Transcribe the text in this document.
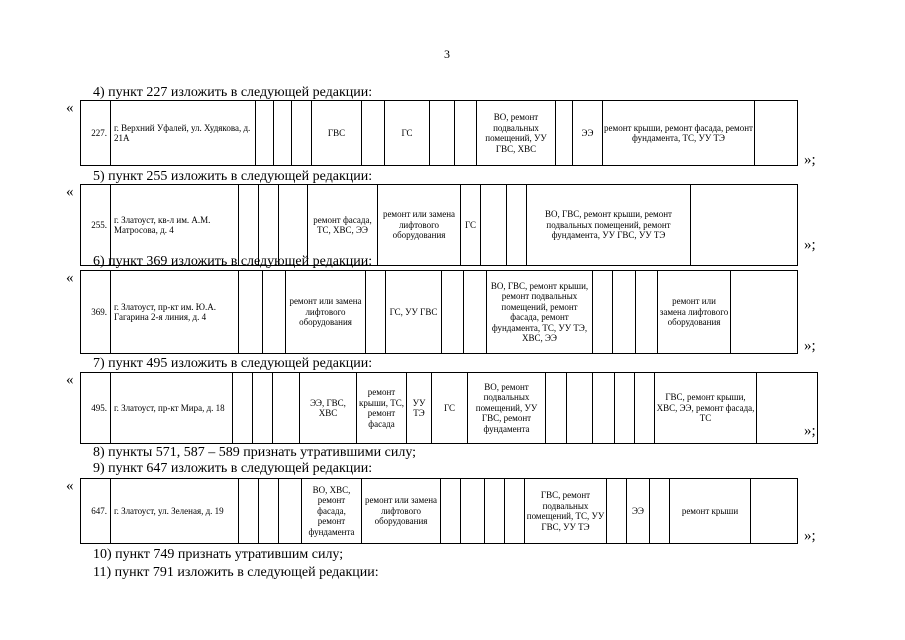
3
4) пункт 227 изложить в следующей редакции:
«
227.	г. Верхний Уфалей, ул. Худякова, д. 21А				ГВС		ГС			ВО, ремонт подвальных помещений, УУ ГВС, ХВС		ЭЭ	ремонт крыши, ремонт фасада, ремонт фундамента, ТС, УУ ТЭ	
»;
5) пункт 255 изложить в следующей редакции:
«
255.	г. Златоуст, кв-л им. А.М. Матросова, д. 4				ремонт фасада, ТС, ХВС, ЭЭ	ремонт или замена лифтового оборудования	ГС			ВО, ГВС, ремонт крыши, ремонт подвальных помещений, ремонт фундамента, УУ ГВС, УУ ТЭ	
»;
6) пункт 369 изложить в следующей редакции:
«
369.	г. Златоуст, пр-кт им. Ю.А. Гагарина 2-я линия, д. 4			ремонт или замена лифтового оборудования		ГС, УУ ГВС			ВО, ГВС, ремонт крыши, ремонт подвальных помещений, ремонт фасада, ремонт фундамента, ТС, УУ ТЭ, ХВС, ЭЭ				ремонт или замена лифтового оборудования	
»;
7) пункт 495 изложить в следующей редакции:
«
495.	г. Златоуст, пр-кт Мира, д. 18				ЭЭ, ГВС, ХВС	ремонт крыши, ТС, ремонт фасада	УУ ТЭ	ГС	ВО, ремонт подвальных помещений, УУ ГВС, ремонт фундамента						ГВС, ремонт крыши, ХВС, ЭЭ, ремонт фасада, ТС	
»;
8) пункты 571, 587 – 589 признать утратившими силу;
9) пункт 647 изложить в следующей редакции:
«
647.	г. Златоуст, ул. Зеленая, д. 19				ВО, ХВС, ремонт фасада, ремонт фундамента	ремонт или замена лифтового оборудования					ГВС, ремонт подвальных помещений, ТС, УУ ГВС, УУ ТЭ		ЭЭ		ремонт крыши	
»;
10) пункт 749 признать утратившим силу;
11) пункт 791 изложить в следующей редакции:
